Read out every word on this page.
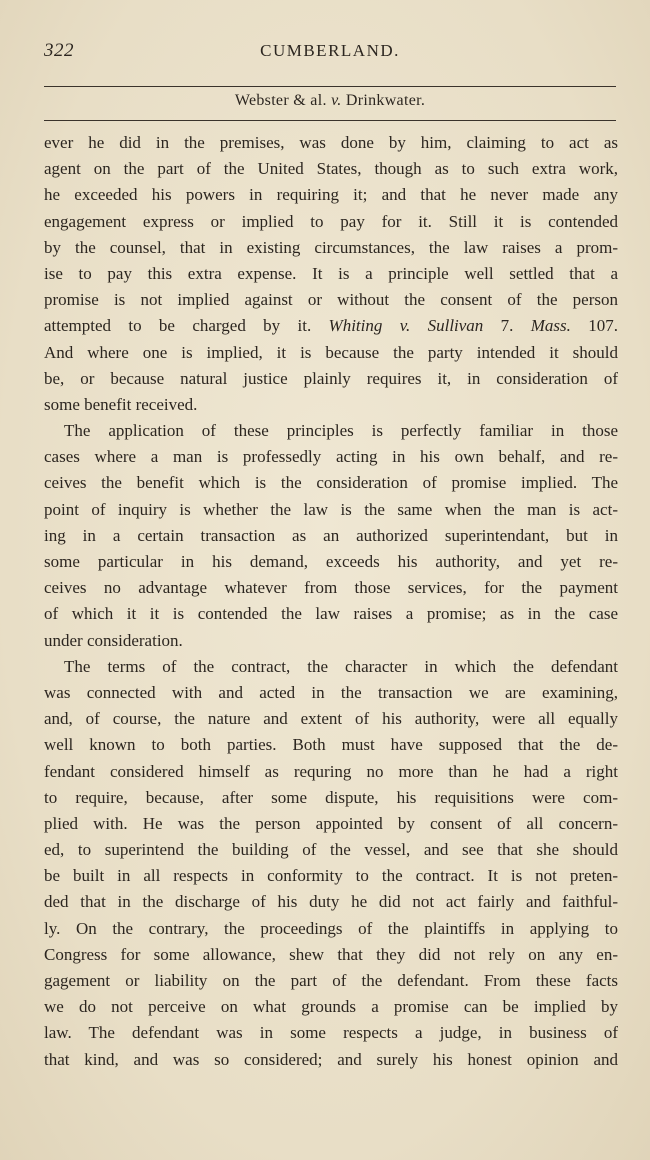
322	CUMBERLAND.
Webster & al. v. Drinkwater.
ever he did in the premises, was done by him, claiming to act as
agent on the part of the United States, though as to such extra work,
he exceeded his powers in requiring it; and that he never made any
engagement express or implied to pay for it. Still it is contended
by the counsel, that in existing circumstances, the law raises a prom-
ise to pay this extra expense. It is a principle well settled that a
promise is not implied against or without the consent of the person
attempted to be charged by it. Whiting v. Sullivan 7. Mass. 107.
And where one is implied, it is because the party intended it should
be, or because natural justice plainly requires it, in consideration of
some benefit received.
The application of these principles is perfectly familiar in those
cases where a man is professedly acting in his own behalf, and re-
ceives the benefit which is the consideration of promise implied. The
point of inquiry is whether the law is the same when the man is act-
ing in a certain transaction as an authorized superintendant, but in
some particular in his demand, exceeds his authority, and yet re-
ceives no advantage whatever from those services, for the payment
of which it it is contended the law raises a promise; as in the case
under consideration.
The terms of the contract, the character in which the defendant
was connected with and acted in the transaction we are examining,
and, of course, the nature and extent of his authority, were all equally
well known to both parties. Both must have supposed that the de-
fendant considered himself as requring no more than he had a right
to require, because, after some dispute, his requisitions were com-
plied with. He was the person appointed by consent of all concern-
ed, to superintend the building of the vessel, and see that she should
be built in all respects in conformity to the contract. It is not preten-
ded that in the discharge of his duty he did not act fairly and faithful-
ly. On the contrary, the proceedings of the plaintiffs in applying to
Congress for some allowance, shew that they did not rely on any en-
gagement or liability on the part of the defendant. From these facts
we do not perceive on what grounds a promise can be implied by
law. The defendant was in some respects a judge, in business of
that kind, and was so considered; and surely his honest opinion and
